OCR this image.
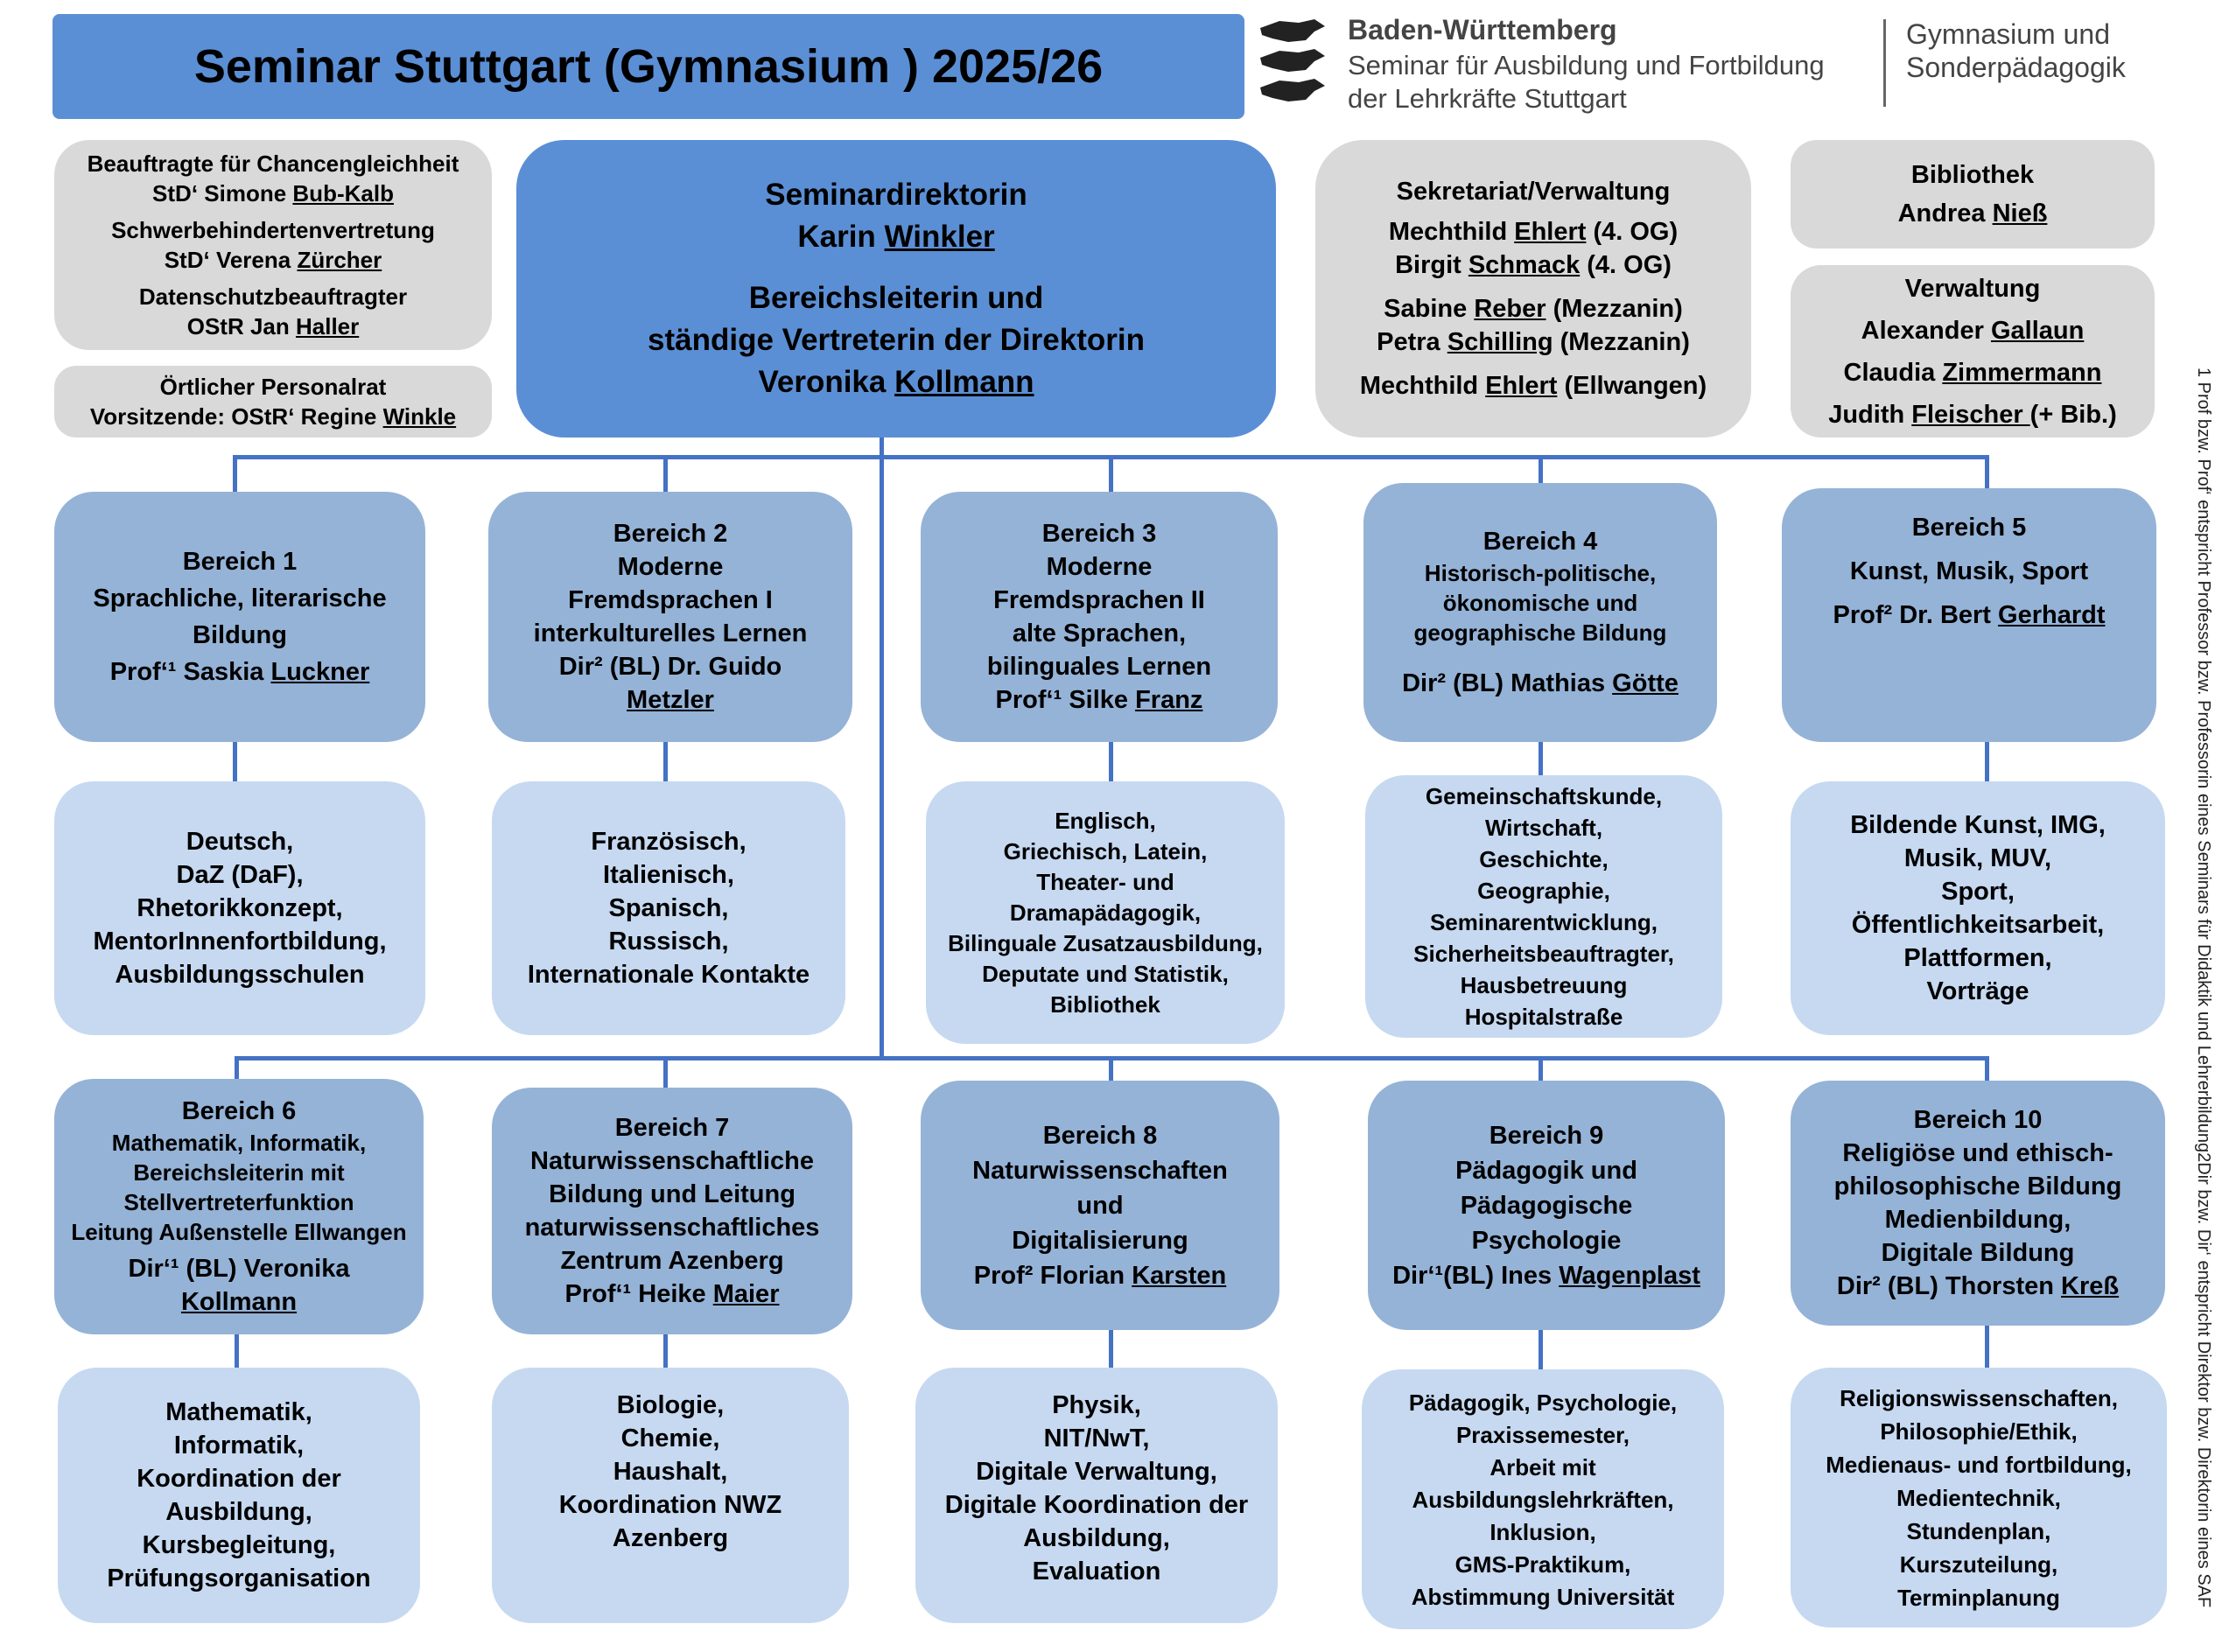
Seminar Stuttgart (Gymnasium ) 2025/26
Baden-Württemberg
Seminar für Ausbildung und Fortbildung
der Lehrkräfte Stuttgart
Gymnasium und
Sonderpädagogik
Beauftragte für Chancengleichheit
StD‘ Simone Bub-Kalb
Schwerbehindertenvertretung
StD‘ Verena Zürcher
Datenschutzbeauftragter
OStR Jan Haller
Örtlicher Personalrat
Vorsitzende: OStR‘ Regine Winkle
Seminardirektorin
Karin Winkler
Bereichsleiterin und
ständige Vertreterin der Direktorin
Veronika Kollmann
Sekretariat/Verwaltung
Mechthild Ehlert (4. OG)
Birgit Schmack (4. OG)
Sabine Reber (Mezzanin)
Petra Schilling (Mezzanin)
Mechthild Ehlert (Ellwangen)
Bibliothek
Andrea Nieß
Verwaltung
Alexander Gallaun
Claudia Zimmermann
Judith Fleischer (+ Bib.)
Bereich 1
Sprachliche, literarische
Bildung
Prof‘¹ Saskia Luckner
Bereich 2
Moderne
Fremdsprachen I
interkulturelles Lernen
Dir² (BL) Dr. Guido
Metzler
Bereich 3
Moderne
Fremdsprachen II
alte Sprachen,
bilinguales Lernen
Prof‘¹ Silke Franz
Bereich 4
Historisch-politische,
ökonomische und
geographische Bildung
Dir² (BL) Mathias Götte
Bereich 5
Kunst, Musik, Sport
Prof² Dr. Bert Gerhardt
Deutsch,
DaZ (DaF),
Rhetorikkonzept,
MentorInnenfortbildung,
Ausbildungsschulen
Französisch,
Italienisch,
Spanisch,
Russisch,
Internationale Kontakte
Englisch,
Griechisch, Latein,
Theater- und
Dramapädagogik,
Bilinguale Zusatzausbildung,
Deputate und Statistik,
Bibliothek
Gemeinschaftskunde,
Wirtschaft,
Geschichte,
Geographie,
Seminarentwicklung,
Sicherheitsbeauftragter,
Hausbetreuung
Hospitalstraße
Bildende Kunst, IMG,
Musik, MUV,
Sport,
Öffentlichkeitsarbeit,
Plattformen,
Vorträge
Bereich 6
Mathematik, Informatik,
Bereichsleiterin mit
Stellvertreterfunktion
Leitung Außenstelle Ellwangen
Dir‘¹ (BL) Veronika Kollmann
Bereich 7
Naturwissenschaftliche
Bildung und Leitung
naturwissenschaftliches
Zentrum Azenberg
Prof‘¹ Heike Maier
Bereich 8
Naturwissenschaften
und
Digitalisierung
Prof² Florian Karsten
Bereich 9
Pädagogik und
Pädagogische
Psychologie
Dir‘¹(BL) Ines Wagenplast
Bereich 10
Religiöse und ethisch-
philosophische Bildung
Medienbildung,
Digitale Bildung
Dir² (BL) Thorsten Kreß
Mathematik,
Informatik,
Koordination der
Ausbildung,
Kursbegleitung,
Prüfungsorganisation
Biologie,
Chemie,
Haushalt,
Koordination NWZ
Azenberg
Physik,
NIT/NwT,
Digitale Verwaltung,
Digitale Koordination der
Ausbildung,
Evaluation
Pädagogik, Psychologie,
Praxissemester,
Arbeit mit
Ausbildungslehrkräften,
Inklusion,
GMS-Praktikum,
Abstimmung Universität
Religionswissenschaften,
Philosophie/Ethik,
Medienaus- und fortbildung,
Medientechnik,
Stundenplan,
Kurszuteilung,
Terminplanung	1 Prof bzw. Prof‘ entspricht Professor bzw. Professorin eines Seminars für Didaktik und Lehrerbildung2Dir bzw. Dir‘ entspricht Direktor bzw. Direktorin eines SAF
